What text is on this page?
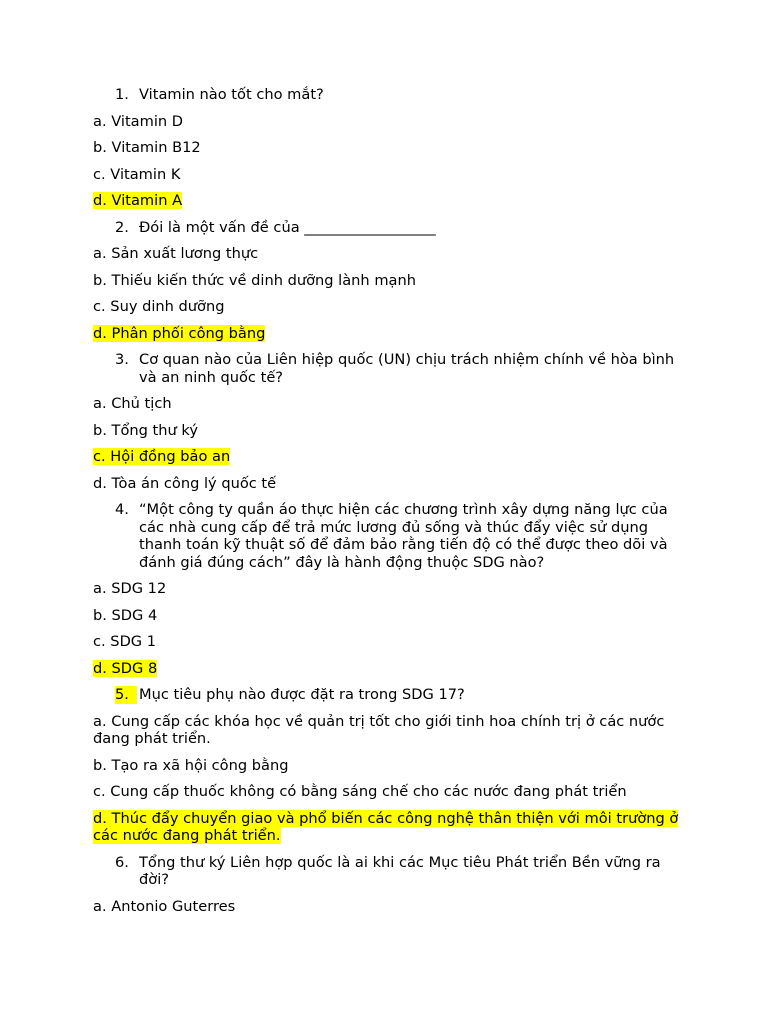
1. Vitamin nào tốt cho mắt?
a. Vitamin D
b. Vitamin B12
c. Vitamin K
d. Vitamin A
2. Đói là một vấn đề của __________________
a. Sản xuất lương thực
b. Thiếu kiến thức về dinh dưỡng lành mạnh
c. Suy dinh dưỡng
d. Phân phối công bằng
3. Cơ quan nào của Liên hiệp quốc (UN) chịu trách nhiệm chính về hòa bình và an ninh quốc tế?
a. Chủ tịch
b. Tổng thư ký
c. Hội đồng bảo an
d. Tòa án công lý quốc tế
4. “Một công ty quần áo thực hiện các chương trình xây dựng năng lực của các nhà cung cấp để trả mức lương đủ sống và thúc đẩy việc sử dụng thanh toán kỹ thuật số để đảm bảo rằng tiến độ có thể được theo dõi và đánh giá đúng cách” đây là hành động thuộc SDG nào?
a. SDG 12
b. SDG 4
c. SDG 1
d. SDG 8
5. Mục tiêu phụ nào được đặt ra trong SDG 17?
a. Cung cấp các khóa học về quản trị tốt cho giới tinh hoa chính trị ở các nước đang phát triển.
b. Tạo ra xã hội công bằng
c. Cung cấp thuốc không có bằng sáng chế cho các nước đang phát triển
d. Thúc đẩy chuyển giao và phổ biến các công nghệ thân thiện với môi trường ở các nước đang phát triển.
6. Tổng thư ký Liên hợp quốc là ai khi các Mục tiêu Phát triển Bền vững ra đời?
a. Antonio Guterres
